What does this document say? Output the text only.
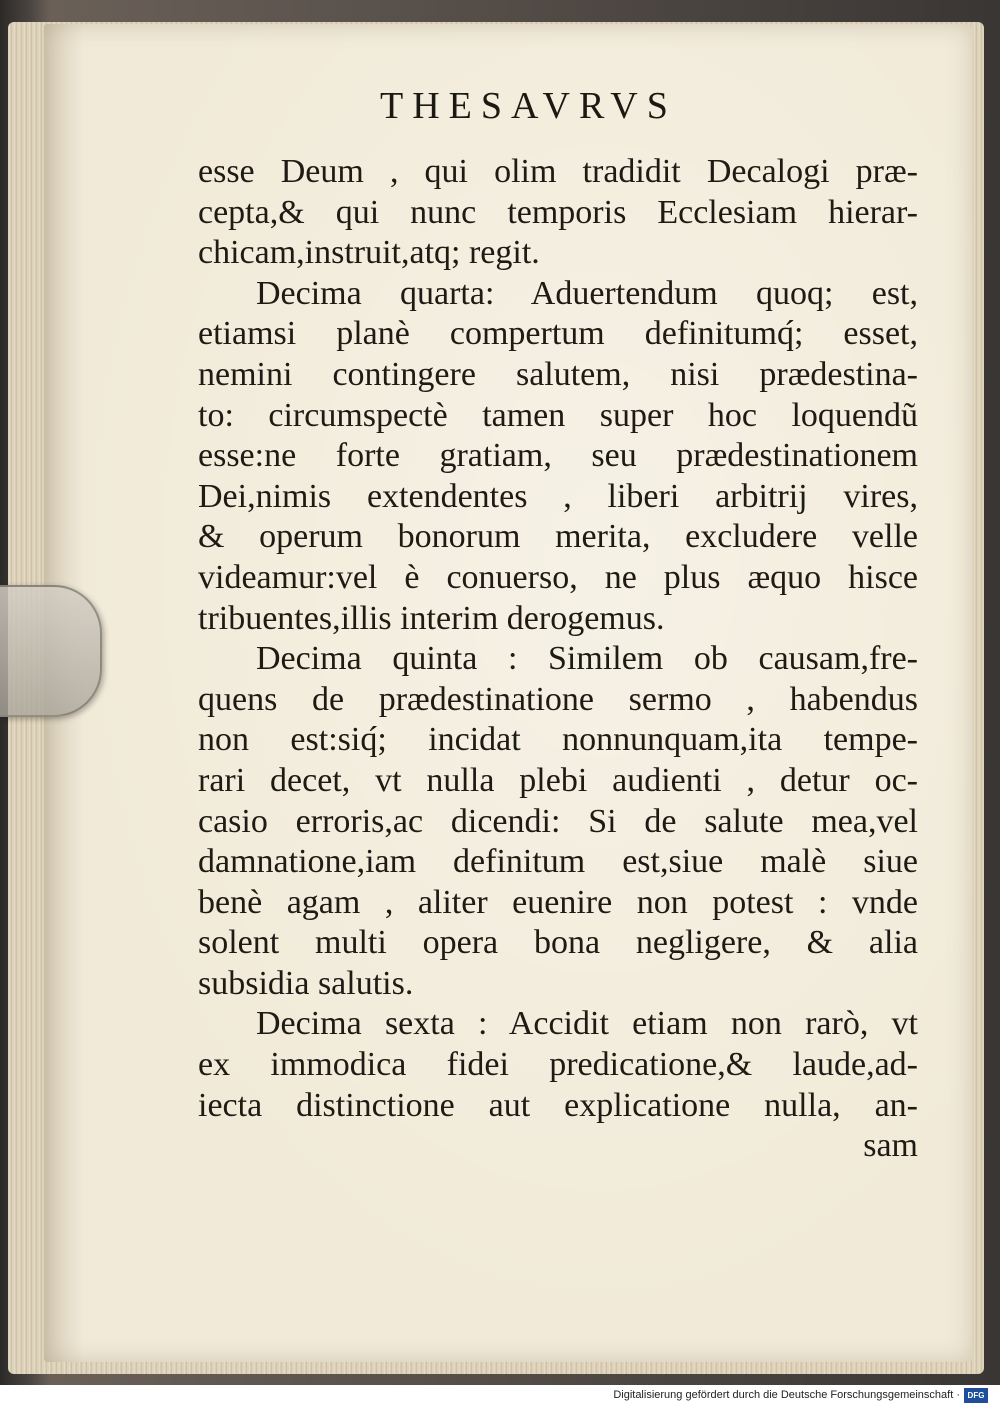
THESAVRVS
esse Deum , qui olim tradidit Decalogi præ-
cepta,& qui nunc temporis Ecclesiam hierar-
chicam,instruit,atq; regit.
Decima quarta: Aduertendum quoq; est,
etiamsi planè compertum definitumq́; esset,
nemini contingere salutem, nisi prædestina-
to: circumspectè tamen super hoc loquendũ
esse:ne forte gratiam, seu prædestinationem
Dei,nimis extendentes , liberi arbitrij vires,
& operum bonorum merita, excludere velle
videamur:vel è conuerso, ne plus æquo hisce
tribuentes,illis interim derogemus.
Decima quinta : Similem ob causam,fre-
quens de prædestinatione sermo , habendus
non est:siq́; incidat nonnunquam,ita tempe-
rari decet, vt nulla plebi audienti , detur oc-
casio erroris,ac dicendi: Si de salute mea,vel
damnatione,iam definitum est,siue malè siue
benè agam , aliter euenire non potest : vnde
solent multi opera bona negligere, & alia
subsidia salutis.
Decima sexta : Accidit etiam non rarò, vt
ex immodica fidei predicatione,& laude,ad-
iecta distinctione aut explicatione nulla, an-
sam
Digitalisierung gefördert durch die Deutsche Forschungsgemeinschaft · DFG
